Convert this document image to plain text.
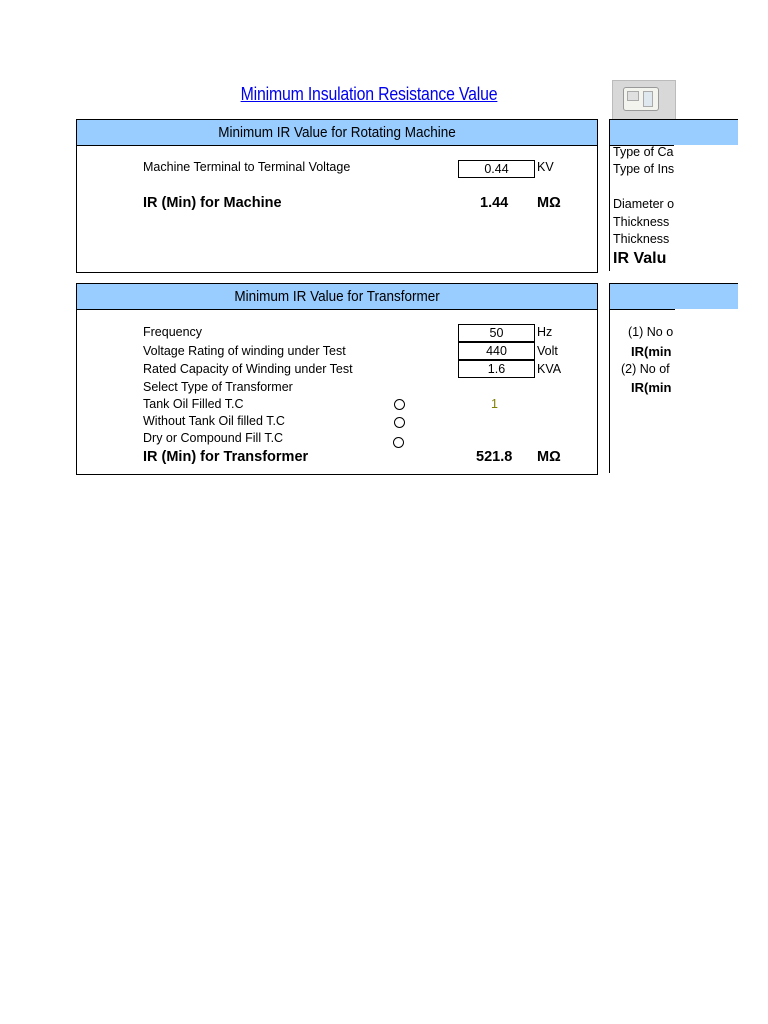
Minimum Insulation Resistance Value
Minimum IR Value for Rotating Machine
Machine Terminal to Terminal Voltage	0.44	KV
IR (Min) for Machine	1.44 MΩ
Minimum IR Value for Transformer
Frequency	50	Hz
Voltage Rating of winding under Test	440	Volt
Rated Capacity of Winding under Test	1.6	KVA
Select Type of Transformer
Tank Oil Filled T.C	1
Without Tank Oil filled T.C
Dry or Compound Fill T.C
IR (Min) for Transformer	521.8 MΩ
Type of Ca
Type of Ins
Diameter o
Thickness
Thickness
IR Valu
(1) No o
IR(min
(2) No of
IR(min
